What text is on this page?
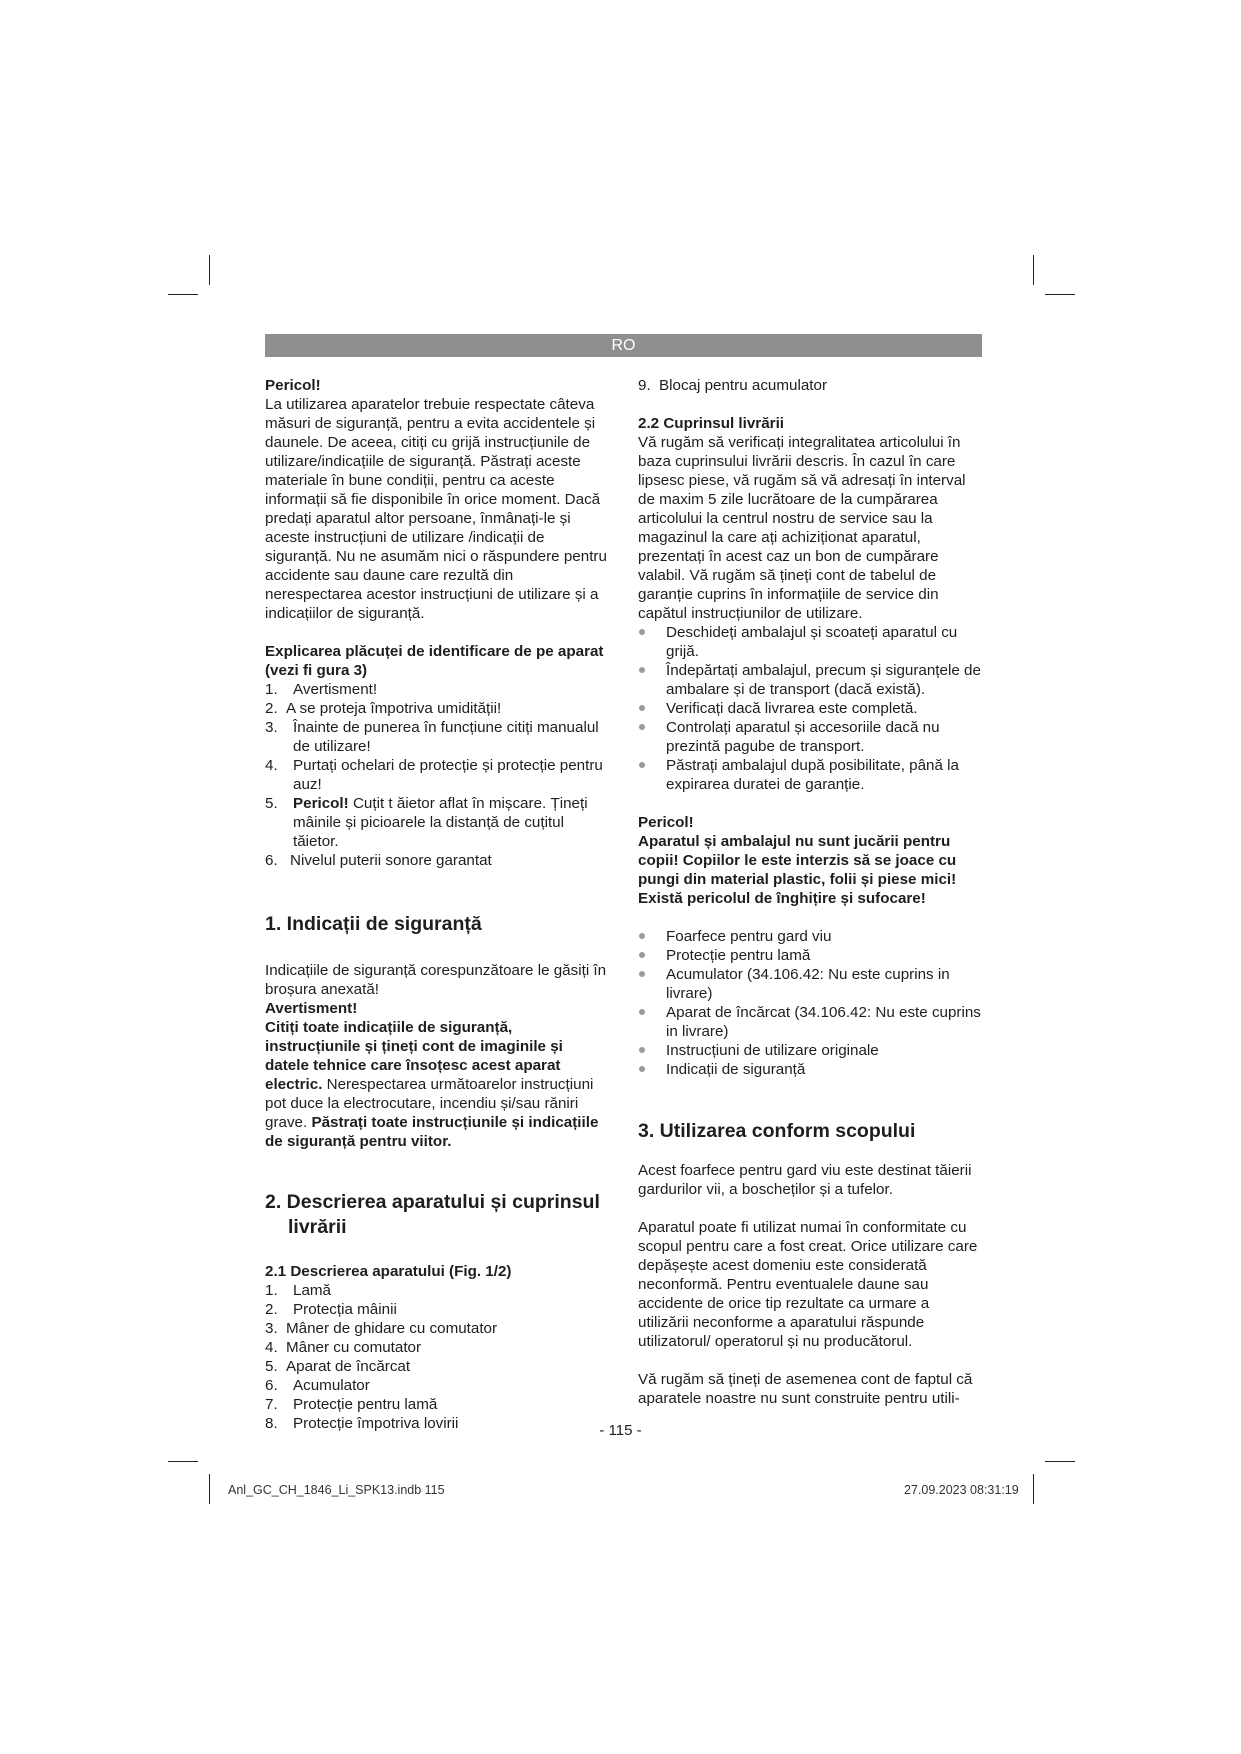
RO

Pericol!

La utilizarea aparatelor trebuie respectate câteva măsuri de siguranță, pentru a evita accidentele și daunele. De aceea, citiți cu grijă instrucțiunile de utilizare/indicațiile de siguranță. Păstrați aceste materiale în bune condiții, pentru ca aceste informații să fie disponibile în orice moment. Dacă predați aparatul altor persoane, înmânați-le și aceste instrucțiuni de utilizare /indicații de siguranță. Nu ne asumăm nici o răspundere pentru accidente sau daune care rezultă din nerespectarea acestor instrucțiuni de utilizare și a indicațiilor de siguranță.

Explicarea plăcuței de identificare de pe aparat (vezi fi gura 3)

1. Avertisment!
2. A se proteja împotriva umidității!
3. Înainte de punerea în funcțiune citiți manualul de utilizare!
4. Purtați ochelari de protecție și protecție pentru auz!
5. Pericol! Cuțit t ăietor aflat în mișcare. Țineți mâinile și picioarele la distanță de cuțitul tăietor.
6. Nivelul puterii sonore garantat

1. Indicații de siguranță

Indicațiile de siguranță corespunzătoare le găsiți în broșura anexată!

Avertisment!

Citiți toate indicațiile de siguranță, instrucțiunile și țineți cont de imaginile și datele tehnice care însoțesc acest aparat electric. Nerespectarea următoarelor instrucțiuni pot duce la electrocutare, incendiu și/sau răniri grave. Păstrați toate instrucțiunile și indicațiile de siguranță pentru viitor.

2. Descrierea aparatului și cuprinsul
livrării

2.1 Descrierea aparatului (Fig. 1/2)

1. Lamă
2. Protecția mâinii
3. Mâner de ghidare cu comutator
4. Mâner cu comutator
5. Aparat de încărcat
6. Acumulator
7. Protecție pentru lamă
8. Protecție împotriva lovirii
9. Blocaj pentru acumulator

2.2 Cuprinsul livrării

Vă rugăm să verificați integralitatea articolului în baza cuprinsului livrării descris. În cazul în care lipsesc piese, vă rugăm să vă adresați în interval de maxim 5 zile lucrătoare de la cumpărarea articolului la centrul nostru de service sau la magazinul la care ați achiziționat aparatul, prezentați în acest caz un bon de cumpărare valabil. Vă rugăm să țineți cont de tabelul de garanție cuprins în informațiile de service din capătul instrucțiunilor de utilizare.

Deschideți ambalajul și scoateți aparatul cu grijă.
Îndepărtați ambalajul, precum și siguranțele de ambalare și de transport (dacă există).
Verificați dacă livrarea este completă.
Controlați aparatul și accesoriile dacă nu prezintă pagube de transport.
Păstrați ambalajul după posibilitate, până la expirarea duratei de garanție.

Pericol!

Aparatul și ambalajul nu sunt jucării pentru copii! Copiilor le este interzis să se joace cu pungi din material plastic, folii și piese mici! Există pericolul de înghițire și sufocare!

Foarfece pentru gard viu
Protecție pentru lamă
Acumulator (34.106.42: Nu este cuprins in livrare)
Aparat de încărcat (34.106.42: Nu este cuprins in livrare)
Instrucțiuni de utilizare originale
Indicații de siguranță

3. Utilizarea conform scopului

Acest foarfece pentru gard viu este destinat tăierii gardurilor vii, a boscheților și a tufelor.

Aparatul poate fi utilizat numai în conformitate cu scopul pentru care a fost creat. Orice utilizare care depășește acest domeniu este considerată neconformă. Pentru eventualele daune sau accidente de orice tip rezultate ca urmare a utilizării neconforme a aparatului răspunde utilizatorul/ operatorul și nu producătorul.

Vă rugăm să țineți de asemenea cont de faptul că aparatele noastre nu sunt construite pentru utili-

- 115 -
Anl_GC_CH_1846_Li_SPK13.indb 115	27.09.2023 08:31:19
